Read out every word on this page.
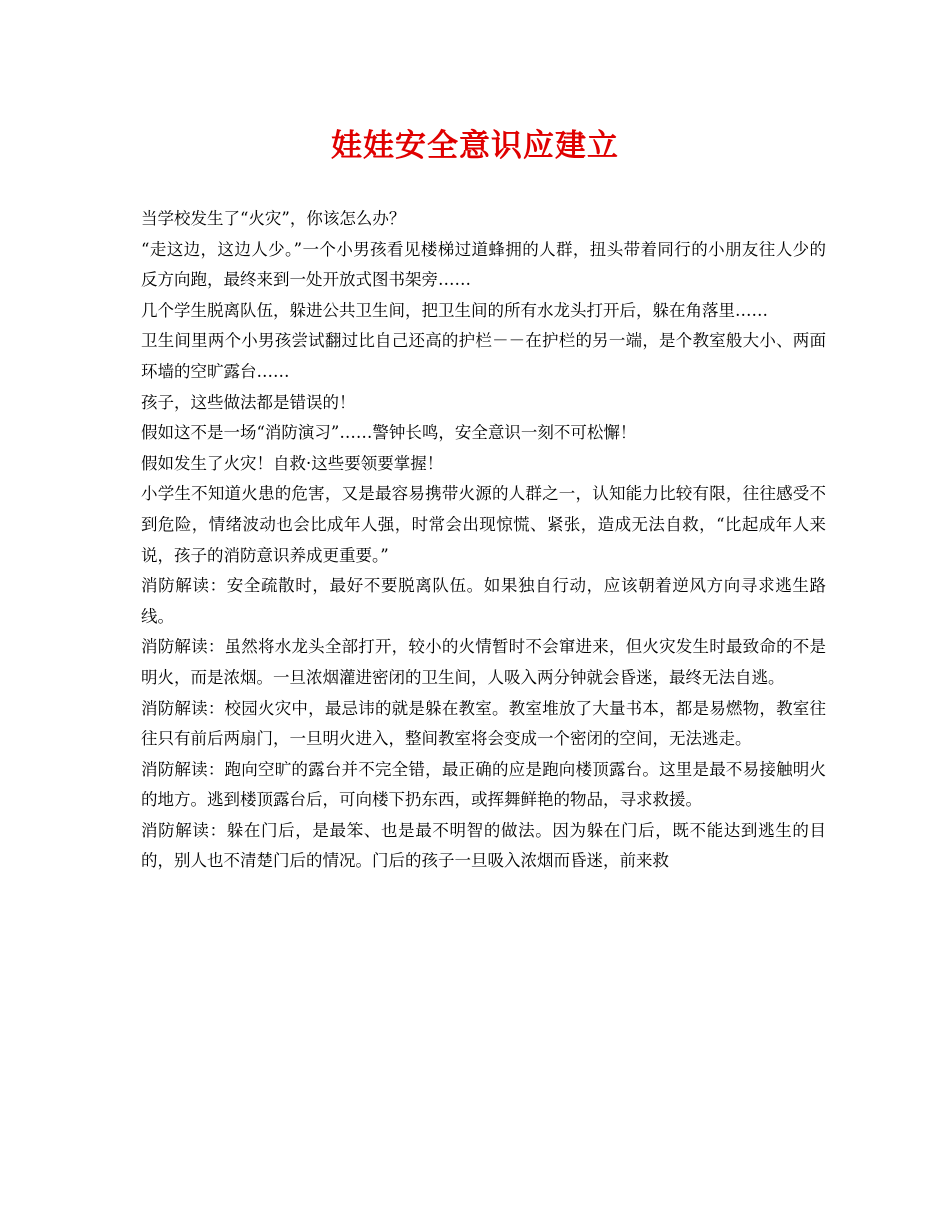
娃娃安全意识应建立

当学校发生了“火灾”，你该怎么办？

“走这边，这边人少。”一个小男孩看见楼梯过道蜂拥的人群，扭头带着同行的小朋友往人少的反方向跑，最终来到一处开放式图书架旁……

几个学生脱离队伍，躲进公共卫生间，把卫生间的所有水龙头打开后，躲在角落里……

卫生间里两个小男孩尝试翻过比自己还高的护栏－－在护栏的另一端，是个教室般大小、两面环墙的空旷露台……

孩子，这些做法都是错误的！

假如这不是一场“消防演习”……警钟长鸣，安全意识一刻不可松懈！

假如发生了火灾！自救·这些要领要掌握！

小学生不知道火患的危害，又是最容易携带火源的人群之一，认知能力比较有限，往往感受不到危险，情绪波动也会比成年人强，时常会出现惊慌、紧张，造成无法自救，“比起成年人来说，孩子的消防意识养成更重要。”

消防解读：安全疏散时，最好不要脱离队伍。如果独自行动，应该朝着逆风方向寻求逃生路线。

消防解读：虽然将水龙头全部打开，较小的火情暂时不会窜进来，但火灾发生时最致命的不是明火，而是浓烟。一旦浓烟灌进密闭的卫生间，人吸入两分钟就会昏迷，最终无法自逃。

消防解读：校园火灾中，最忌讳的就是躲在教室。教室堆放了大量书本，都是易燃物，教室往往只有前后两扇门，一旦明火进入，整间教室将会变成一个密闭的空间，无法逃走。

消防解读：跑向空旷的露台并不完全错，最正确的应是跑向楼顶露台。这里是最不易接触明火的地方。逃到楼顶露台后，可向楼下扔东西，或挥舞鲜艳的物品，寻求救援。

消防解读：躲在门后，是最笨、也是最不明智的做法。因为躲在门后，既不能达到逃生的目的，别人也不清楚门后的情况。门后的孩子一旦吸入浓烟而昏迷，前来救
